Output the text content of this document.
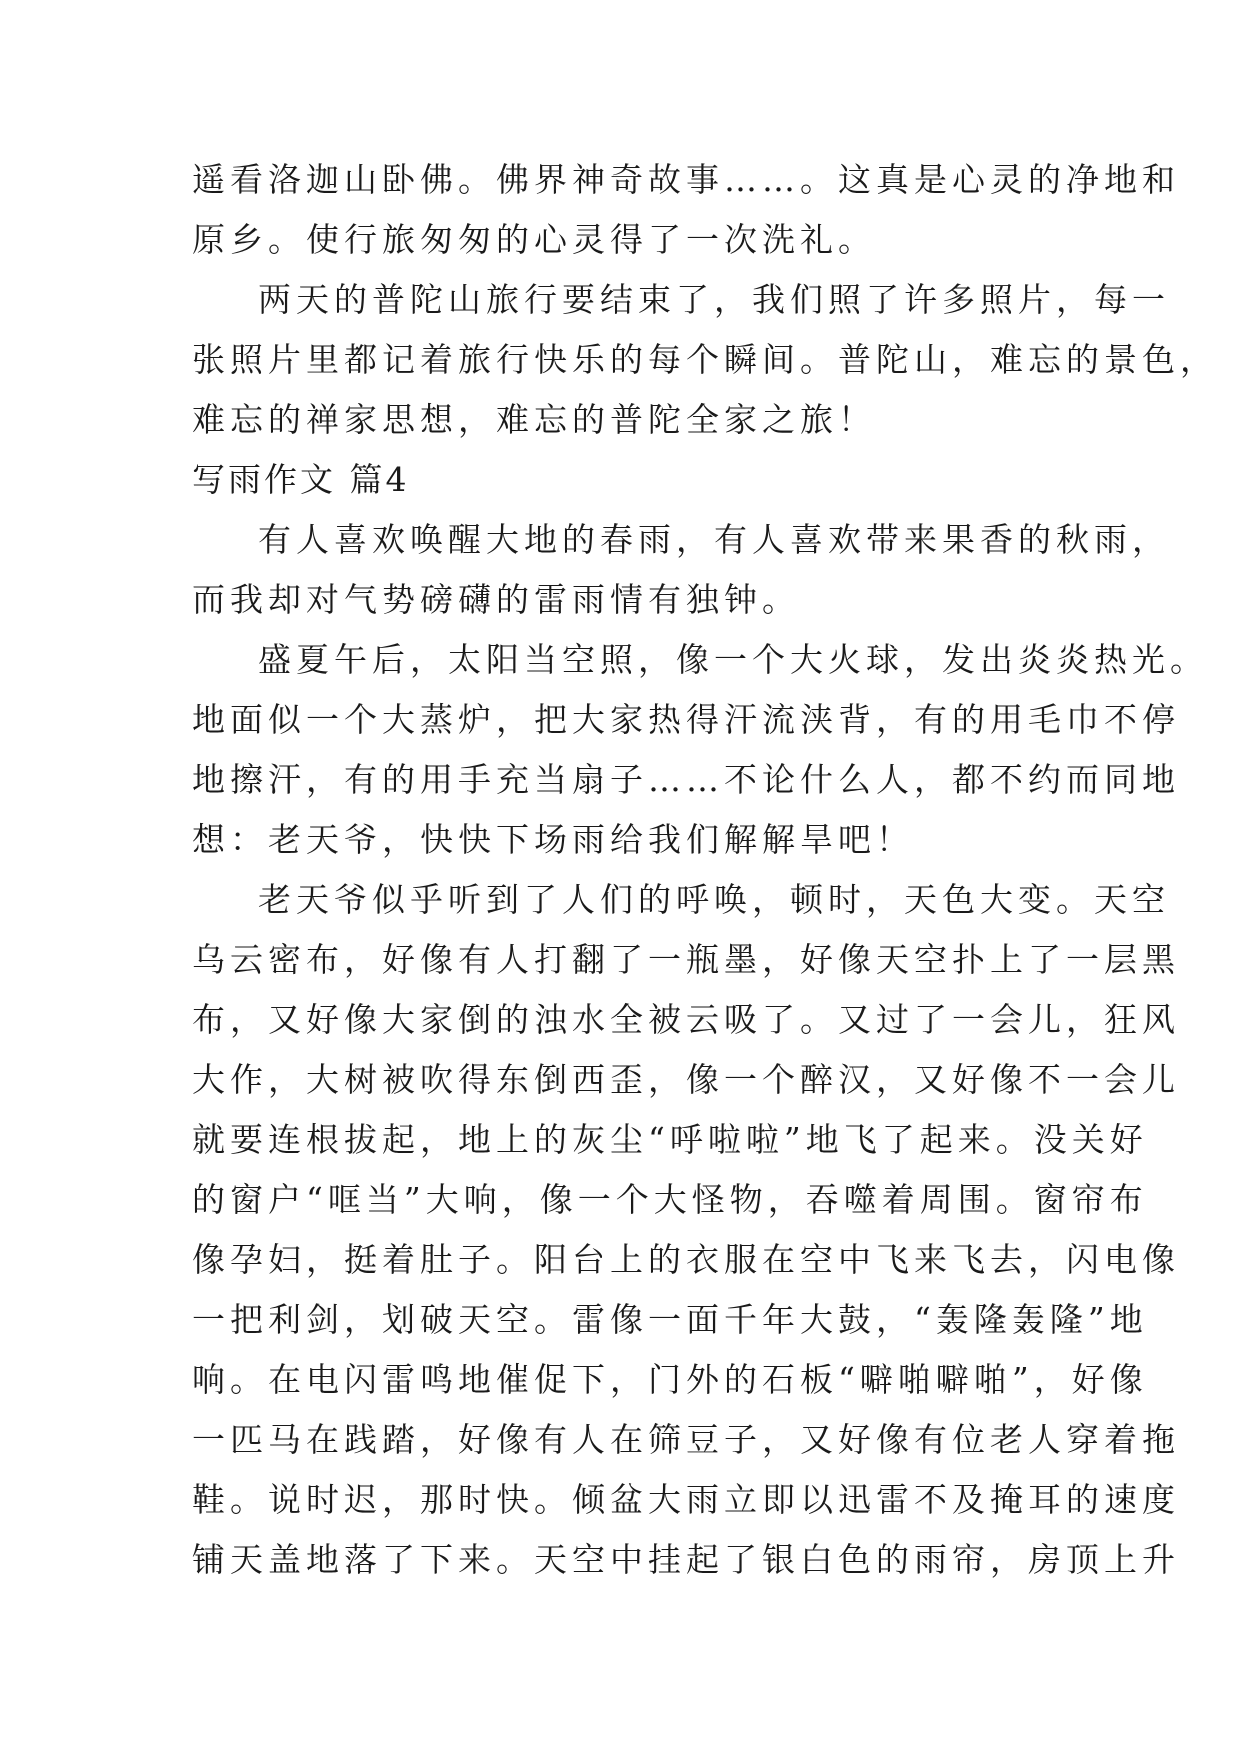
遥看洛迦山卧佛。佛界神奇故事……。这真是心灵的净地和
原乡。使行旅匆匆的心灵得了一次洗礼。
两天的普陀山旅行要结束了，我们照了许多照片，每一
张照片里都记着旅行快乐的每个瞬间。普陀山，难忘的景色，
难忘的禅家思想，难忘的普陀全家之旅！
写雨作文 篇4
有人喜欢唤醒大地的春雨，有人喜欢带来果香的秋雨，
而我却对气势磅礴的雷雨情有独钟。
盛夏午后，太阳当空照，像一个大火球，发出炎炎热光。
地面似一个大蒸炉，把大家热得汗流浃背，有的用毛巾不停
地擦汗，有的用手充当扇子……不论什么人，都不约而同地
想：老天爷，快快下场雨给我们解解旱吧！
老天爷似乎听到了人们的呼唤，顿时，天色大变。天空
乌云密布，好像有人打翻了一瓶墨，好像天空扑上了一层黑
布，又好像大家倒的浊水全被云吸了。又过了一会儿，狂风
大作，大树被吹得东倒西歪，像一个醉汉，又好像不一会儿
就要连根拔起，地上的灰尘“呼啦啦”地飞了起来。没关好
的窗户“哐当”大响，像一个大怪物，吞噬着周围。窗帘布
像孕妇，挺着肚子。阳台上的衣服在空中飞来飞去，闪电像
一把利剑，划破天空。雷像一面千年大鼓，“轰隆轰隆”地
响。在电闪雷鸣地催促下，门外的石板“噼啪噼啪”，好像
一匹马在践踏，好像有人在筛豆子，又好像有位老人穿着拖
鞋。说时迟，那时快。倾盆大雨立即以迅雷不及掩耳的速度
铺天盖地落了下来。天空中挂起了银白色的雨帘，房顶上升
